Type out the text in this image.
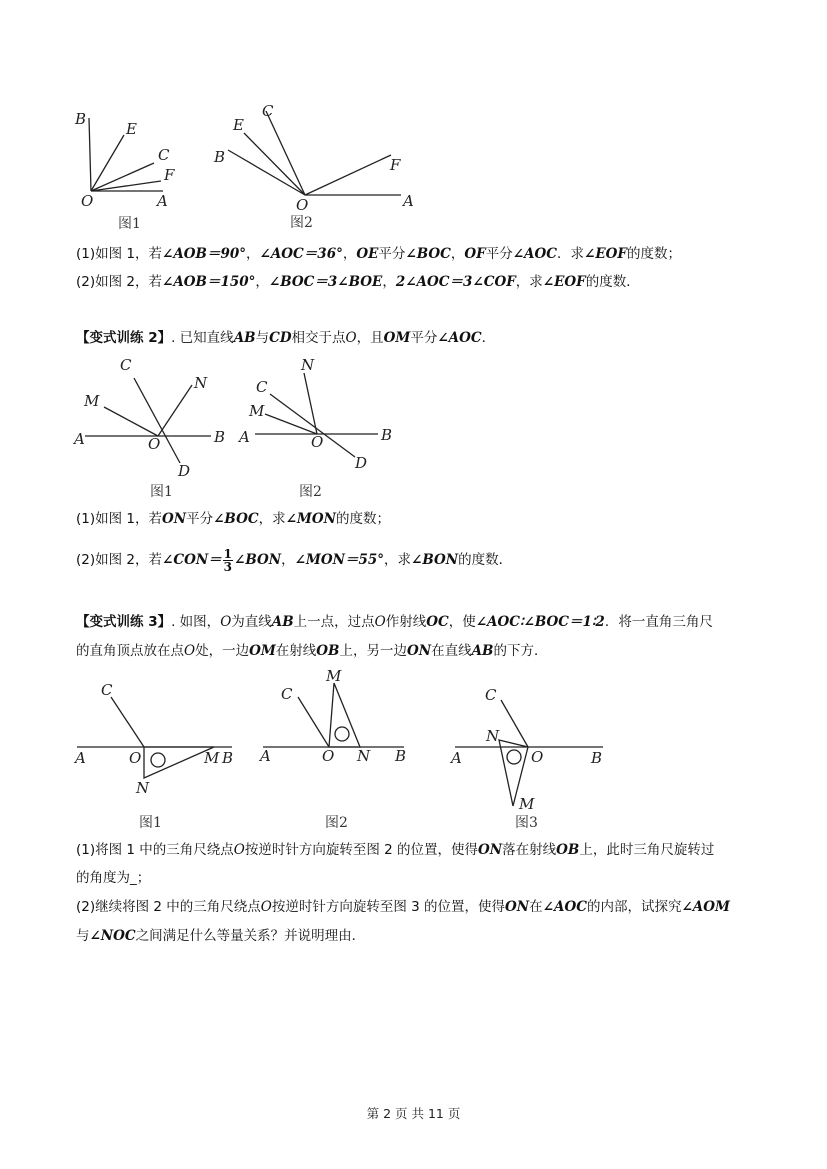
B
E
C
F
O	A
图1
C
E
B	F
O	A
图2
(1)如图 1，若∠AOB＝90°，∠AOC＝36°，OE平分∠BOC，OF平分∠AOC．求∠EOF的度数；
(2)如图 2，若∠AOB＝150°，∠BOC＝3∠BOE，2∠AOC＝3∠COF，求∠EOF的度数．
【变式训练 2】. 已知直线AB与CD相交于点O，且OM平分∠AOC．
C
N
M
A	O	B
D
图1
N
C
M
A	O	B
D
图2
(1)如图 1，若ON平分∠BOC，求∠MON的度数；
(2)如图 2，若∠CON＝ $\frac{1}{3}$ ∠BON，∠MON＝55°，求∠BON的度数．
【变式训练 3】. 如图，O为直线AB上一点，过点O作射线OC，使∠AOC∶∠BOC＝1∶2．将一直角三角尺
的直角顶点放在点O处，一边OM在射线OB上，另一边ON在直线AB的下方．
C
A	O	M B
N
图1
M
C
A	O N B
图2
C
N
A	O	B
M
图3
(1)将图 1 中的三角尺绕点O按逆时针方向旋转至图 2 的位置，使得ON落在射线OB上，此时三角尺旋转过
的角度为_；
(2)继续将图 2 中的三角尺绕点O按逆时针方向旋转至图 3 的位置，使得ON在∠AOC的内部，试探究∠AOM
与∠NOC之间满足什么等量关系？并说明理由．
第 2 页 共 11 页
